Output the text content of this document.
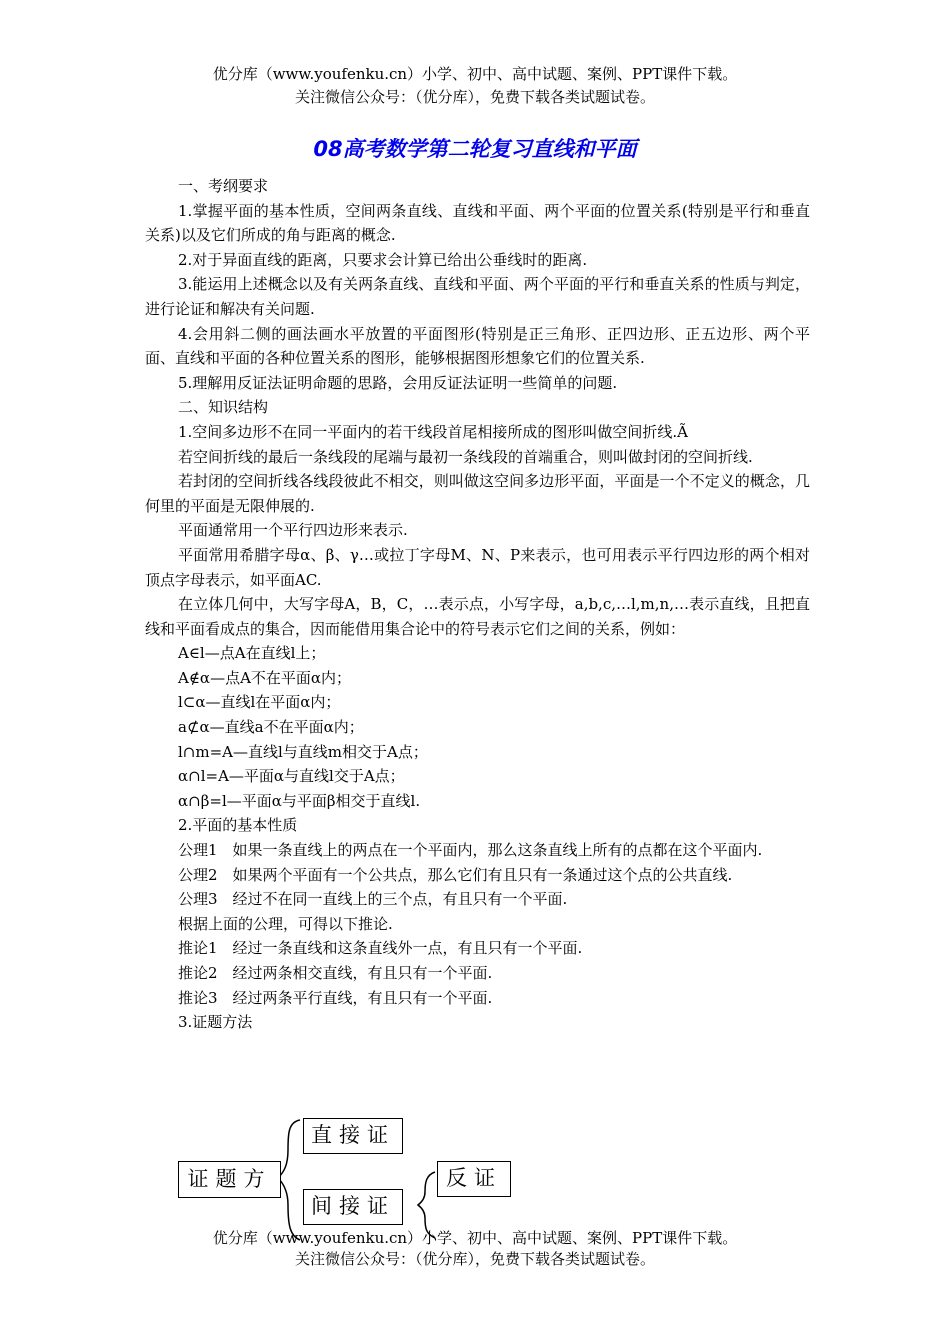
优分库（www.youfenku.cn）小学、初中、高中试题、案例、PPT课件下载。
关注微信公众号：（优分库），免费下载各类试题试卷。
08高考数学第二轮复习直线和平面

一、考纲要求

1.掌握平面的基本性质，空间两条直线、直线和平面、两个平面的位置关系(特别是平行和垂直关系)以及它们所成的角与距离的概念.

2.对于异面直线的距离，只要求会计算已给出公垂线时的距离.

3.能运用上述概念以及有关两条直线、直线和平面、两个平面的平行和垂直关系的性质与判定，进行论证和解决有关问题.

4.会用斜二侧的画法画水平放置的平面图形(特别是正三角形、正四边形、正五边形、两个平面、直线和平面的各种位置关系的图形，能够根据图形想象它们的位置关系.

5.理解用反证法证明命题的思路，会用反证法证明一些简单的问题.

二、知识结构

1.空间多边形不在同一平面内的若干线段首尾相接所成的图形叫做空间折线.Ã

若空间折线的最后一条线段的尾端与最初一条线段的首端重合，则叫做封闭的空间折线.

若封闭的空间折线各线段彼此不相交，则叫做这空间多边形平面，平面是一个不定义的概念，几何里的平面是无限伸展的.

平面通常用一个平行四边形来表示.

平面常用希腊字母α、β、γ…或拉丁字母M、N、P来表示，也可用表示平行四边形的两个相对顶点字母表示，如平面AC.

在立体几何中，大写字母A，B，C，…表示点，小写字母，a,b,c,…l,m,n,…表示直线，且把直线和平面看成点的集合，因而能借用集合论中的符号表示它们之间的关系，例如：

A∈l—点A在直线l上；

A∉α—点A不在平面α内；

l⊂α—直线l在平面α内；

a⊄α—直线a不在平面α内；

l∩m=A—直线l与直线m相交于A点；

α∩l=A—平面α与直线l交于A点；

α∩β=l—平面α与平面β相交于直线l.

2.平面的基本性质

公理1　如果一条直线上的两点在一个平面内，那么这条直线上所有的点都在这个平面内.

公理2　如果两个平面有一个公共点，那么它们有且只有一条通过这个点的公共直线.

公理3　经过不在同一直线上的三个点，有且只有一个平面.

根据上面的公理，可得以下推论.

推论1　经过一条直线和这条直线外一点，有且只有一个平面.

推论2　经过两条相交直线，有且只有一个平面.

推论3　经过两条平行直线，有且只有一个平面.

3.证题方法

证题方
直接证
间接证
反证
优分库（www.youfenku.cn）小学、初中、高中试题、案例、PPT课件下载。
关注微信公众号：（优分库），免费下载各类试题试卷。
